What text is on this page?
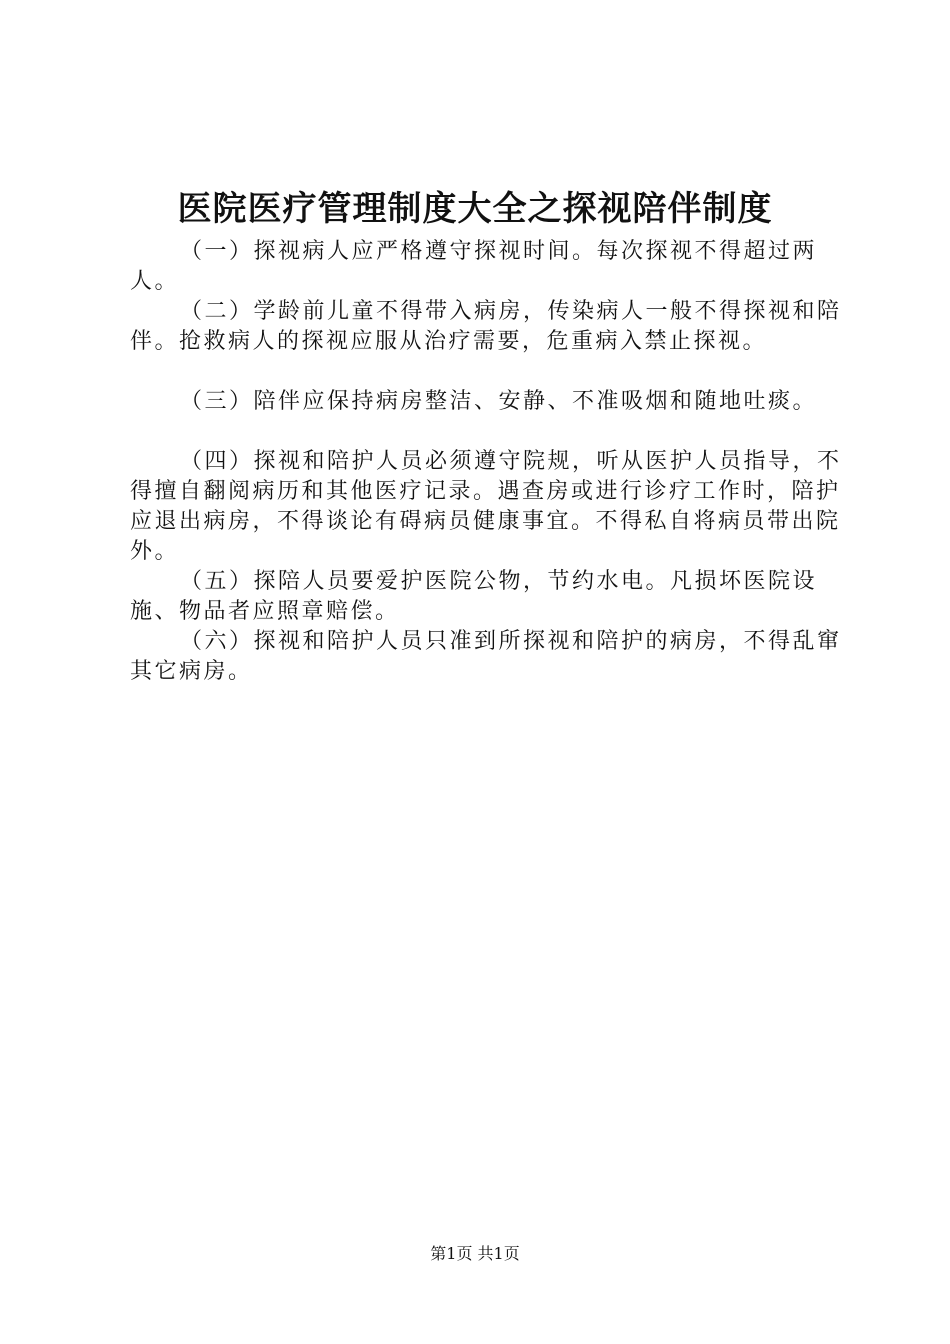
医院医疗管理制度大全之探视陪伴制度

（一）探视病人应严格遵守探视时间。每次探视不得超过两人。

（二）学龄前儿童不得带入病房，传染病人一般不得探视和陪伴。抢救病人的探视应服从治疗需要，危重病入禁止探视。

（三）陪伴应保持病房整洁、安静、不准吸烟和随地吐痰。

（四）探视和陪护人员必须遵守院规，听从医护人员指导，不得擅自翻阅病历和其他医疗记录。遇查房或进行诊疗工作时，陪护应退出病房，不得谈论有碍病员健康事宜。不得私自将病员带出院外。

（五）探陪人员要爱护医院公物，节约水电。凡损坏医院设施、物品者应照章赔偿。

（六）探视和陪护人员只准到所探视和陪护的病房，不得乱窜其它病房。

第1页 共1页
